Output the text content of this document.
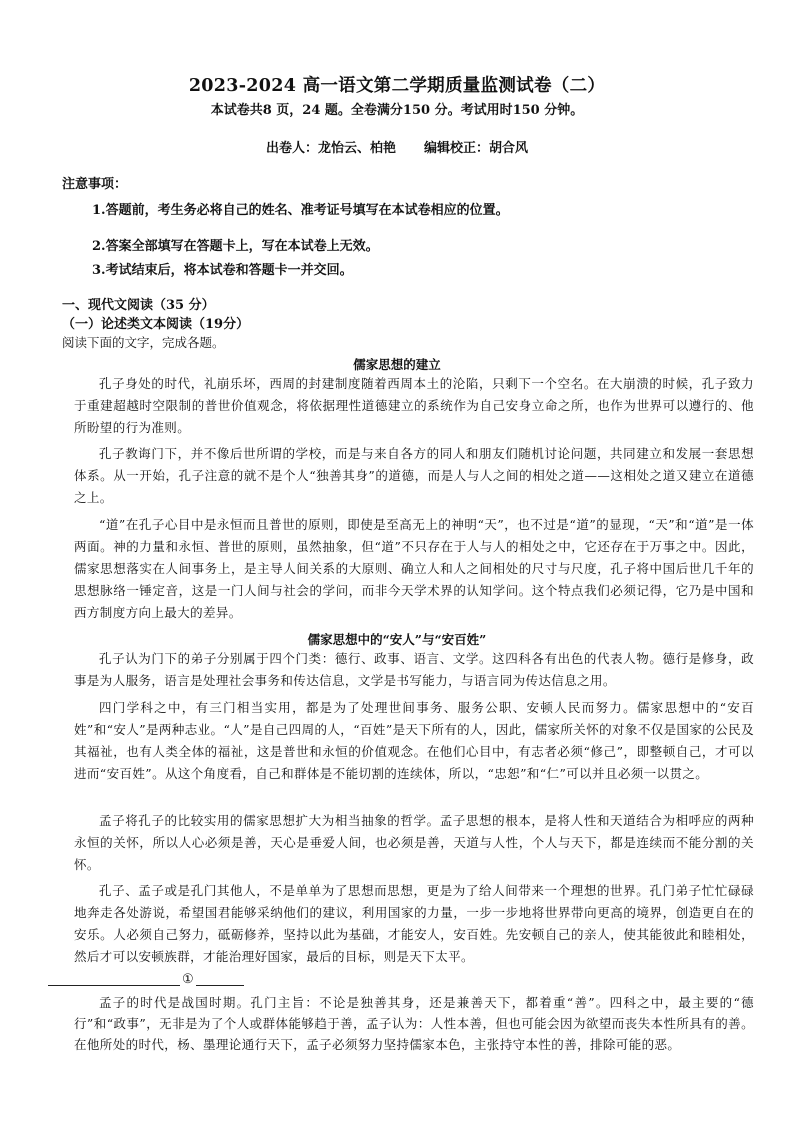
2023-2024 高一语文第二学期质量监测试卷（二）
本试卷共8 页，24 题。全卷满分150 分。考试用时150 分钟。
出卷人：龙怡云、柏艳 编辑校正：胡合风
注意事项：
1.答题前，考生务必将自己的姓名、准考证号填写在本试卷相应的位置。
2.答案全部填写在答题卡上，写在本试卷上无效。
3.考试结束后，将本试卷和答题卡一并交回。
一、现代文阅读（35 分）
（一）论述类文本阅读（19分）
阅读下面的文字，完成各题。
儒家思想的建立

孔子身处的时代，礼崩乐坏，西周的封建制度随着西周本土的沦陷，只剩下一个空名。在大崩溃的时候，孔子致力于重建超越时空限制的普世价值观念，将依据理性道德建立的系统作为自己安身立命之所，也作为世界可以遵行的、他所盼望的行为准则。

孔子教诲门下，并不像后世所谓的学校，而是与来自各方的同人和朋友们随机讨论问题，共同建立和发展一套思想体系。从一开始，孔子注意的就不是个人“独善其身”的道德，而是人与人之间的相处之道——这相处之道又建立在道德之上。

“道”在孔子心目中是永恒而且普世的原则，即使是至高无上的神明“天”，也不过是“道”的显现，“天”和“道”是一体两面。神的力量和永恒、普世的原则，虽然抽象，但“道”不只存在于人与人的相处之中，它还存在于万事之中。因此，儒家思想落实在人间事务上，是主导人间关系的大原则、确立人和人之间相处的尺寸与尺度，孔子将中国后世几千年的思想脉络一锤定音，这是一门人间与社会的学问，而非今天学术界的认知学问。这个特点我们必须记得，它乃是中国和西方制度方向上最大的差异。

儒家思想中的“安人”与“安百姓”

孔子认为门下的弟子分别属于四个门类：德行、政事、语言、文学。这四科各有出色的代表人物。德行是修身，政事是为人服务，语言是处理社会事务和传达信息，文学是书写能力，与语言同为传达信息之用。

四门学科之中，有三门相当实用，都是为了处理世间事务、服务公职、安顿人民而努力。儒家思想中的“安百姓”和“安人”是两种志业。“人”是自己四周的人，“百姓”是天下所有的人，因此，儒家所关怀的对象不仅是国家的公民及其福祉，也有人类全体的福祉，这是普世和永恒的价值观念。在他们心目中，有志者必须“修己”，即整顿自己，才可以进而“安百姓”。从这个角度看，自己和群体是不能切割的连续体，所以，“忠恕”和“仁”可以并且必须一以贯之。

孟子将孔子的比较实用的儒家思想扩大为相当抽象的哲学。孟子思想的根本，是将人性和天道结合为相呼应的两种永恒的关怀，所以人心必须是善，天心是垂爱人间，也必须是善，天道与人性，个人与天下，都是连续而不能分割的关怀。

孔子、孟子或是孔门其他人，不是单单为了思想而思想，更是为了给人间带来一个理想的世界。孔门弟子忙忙碌碌地奔走各处游说，希望国君能够采纳他们的建议，利用国家的力量，一步一步地将世界带向更高的境界，创造更自在的安乐。人必须自己努力，砥砺修养，坚持以此为基础，才能安人，安百姓。先安顿自己的亲人，使其能彼此和睦相处，然后才可以安顿族群，才能治理好国家，最后的目标，则是天下太平。

①

孟子的时代是战国时期。孔门主旨：不论是独善其身，还是兼善天下，都着重“善”。四科之中，最主要的“德行”和“政事”，无非是为了个人或群体能够趋于善，孟子认为：人性本善，但也可能会因为欲望而丧失本性所具有的善。在他所处的时代，杨、墨理论通行天下，孟子必须努力坚持儒家本色，主张持守本性的善，排除可能的恶。
